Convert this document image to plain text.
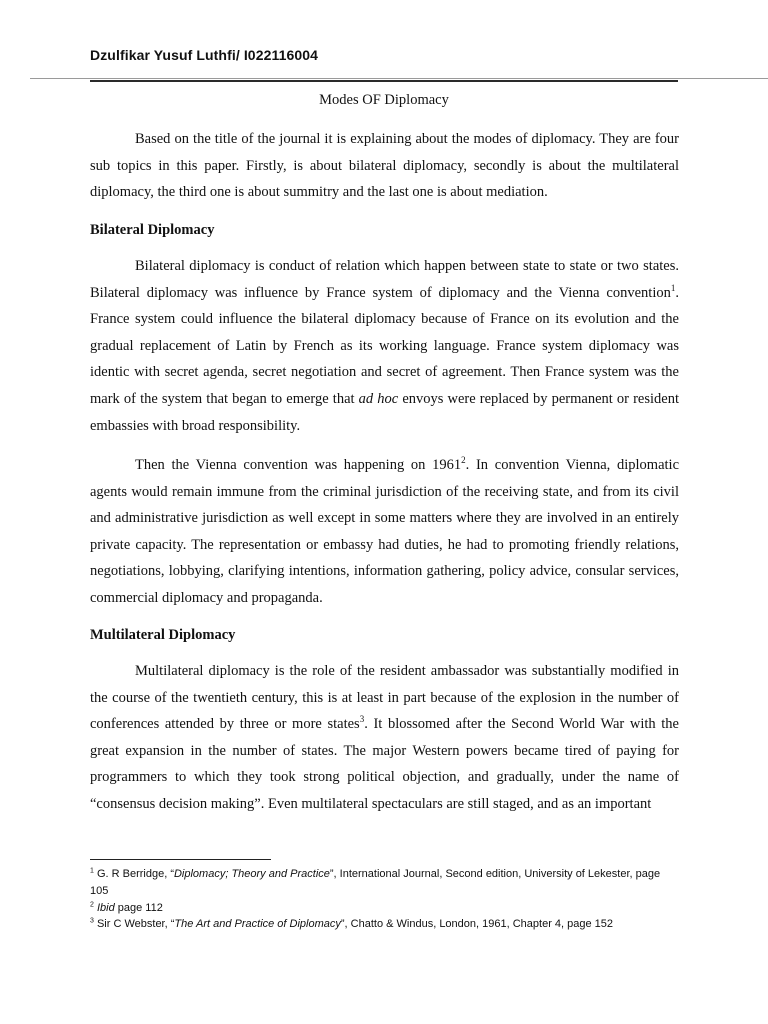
Dzulfikar Yusuf Luthfi/ I022116004
Modes OF Diplomacy

Based on the title of the journal it is explaining about the modes of diplomacy. They are four sub topics in this paper. Firstly, is about bilateral diplomacy, secondly is about the multilateral diplomacy, the third one is about summitry and the last one is about mediation.

Bilateral Diplomacy

Bilateral diplomacy is conduct of relation which happen between state to state or two states. Bilateral diplomacy was influence by France system of diplomacy and the Vienna convention$^1$. France system could influence the bilateral diplomacy because of France on its evolution and the gradual replacement of Latin by French as its working language. France system diplomacy was identic with secret agenda, secret negotiation and secret of agreement. Then France system was the mark of the system that began to emerge that ad hoc envoys were replaced by permanent or resident embassies with broad responsibility.

Then the Vienna convention was happening on 1961$^2$. In convention Vienna, diplomatic agents would remain immune from the criminal jurisdiction of the receiving state, and from its civil and administrative jurisdiction as well except in some matters where they are involved in an entirely private capacity. The representation or embassy had duties, he had to promoting friendly relations, negotiations, lobbying, clarifying intentions, information gathering, policy advice, consular services, commercial diplomacy and propaganda.

Multilateral Diplomacy

Multilateral diplomacy is the role of the resident ambassador was substantially modified in the course of the twentieth century, this is at least in part because of the explosion in the number of conferences attended by three or more states$^3$. It blossomed after the Second World War with the great expansion in the number of states. The major Western powers became tired of paying for programmers to which they took strong political objection, and gradually, under the name of “consensus decision making”. Even multilateral spectaculars are still staged, and as an important

$^1$ G. R Berridge, “Diplomacy; Theory and Practice”, International Journal, Second edition, University of Lekester, page 105
$^2$ Ibid page 112
$^3$ Sir C Webster, “The Art and Practice of Diplomacy”, Chatto & Windus, London, 1961, Chapter 4, page 152
